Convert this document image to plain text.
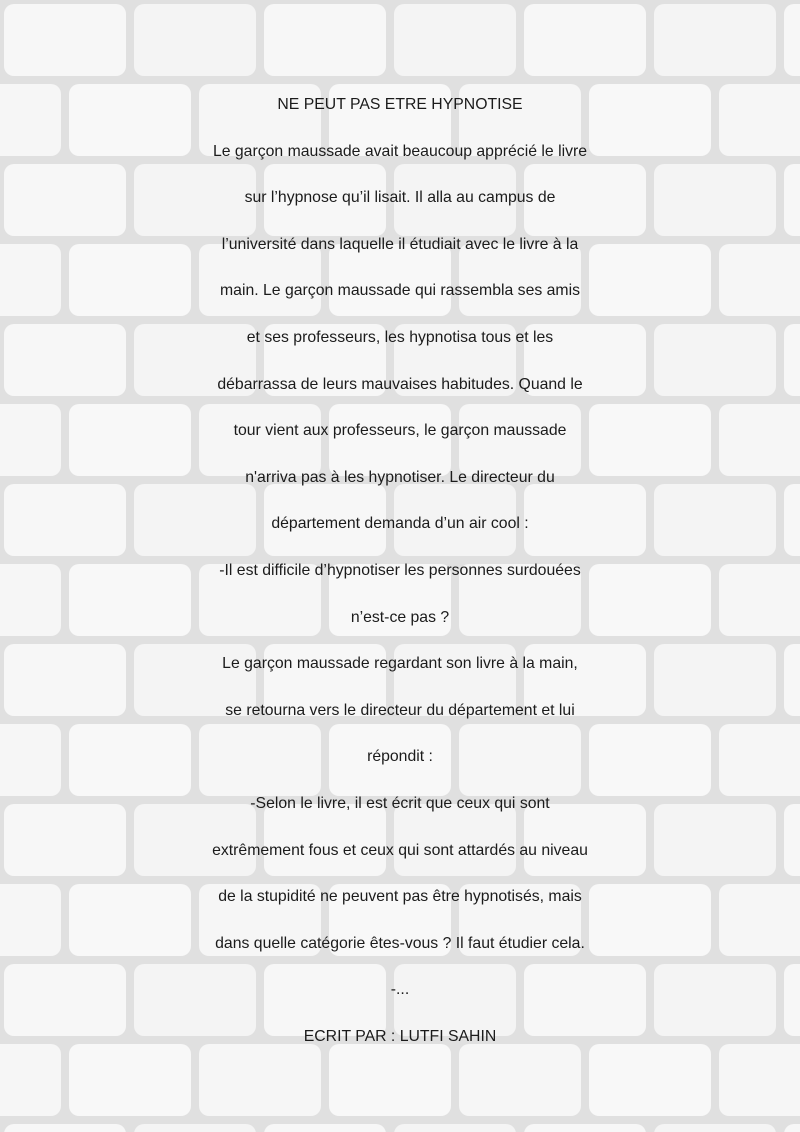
NE PEUT PAS ETRE HYPNOTISE
Le garçon maussade avait beaucoup apprécié le livre
sur l’hypnose qu’il lisait. Il alla au campus de
l’université dans laquelle il étudiait avec le livre à la
main. Le garçon maussade qui rassembla ses amis
et ses professeurs, les hypnotisa tous et les
débarrassa de leurs mauvaises habitudes. Quand le
tour vient aux professeurs, le garçon maussade
n'arriva pas à les hypnotiser. Le directeur du
département demanda d’un air cool :
-Il est difficile d’hypnotiser les personnes surdouées
n’est-ce pas ?
Le garçon maussade regardant son livre à la main,
se retourna vers le directeur du département et lui
répondit :
-Selon le livre, il est écrit que ceux qui sont
extrêmement fous et ceux qui sont attardés au niveau
de la stupidité ne peuvent pas être hypnotisés, mais
dans quelle catégorie êtes-vous ? Il faut étudier cela.
-...
ECRIT PAR : LUTFI SAHIN
